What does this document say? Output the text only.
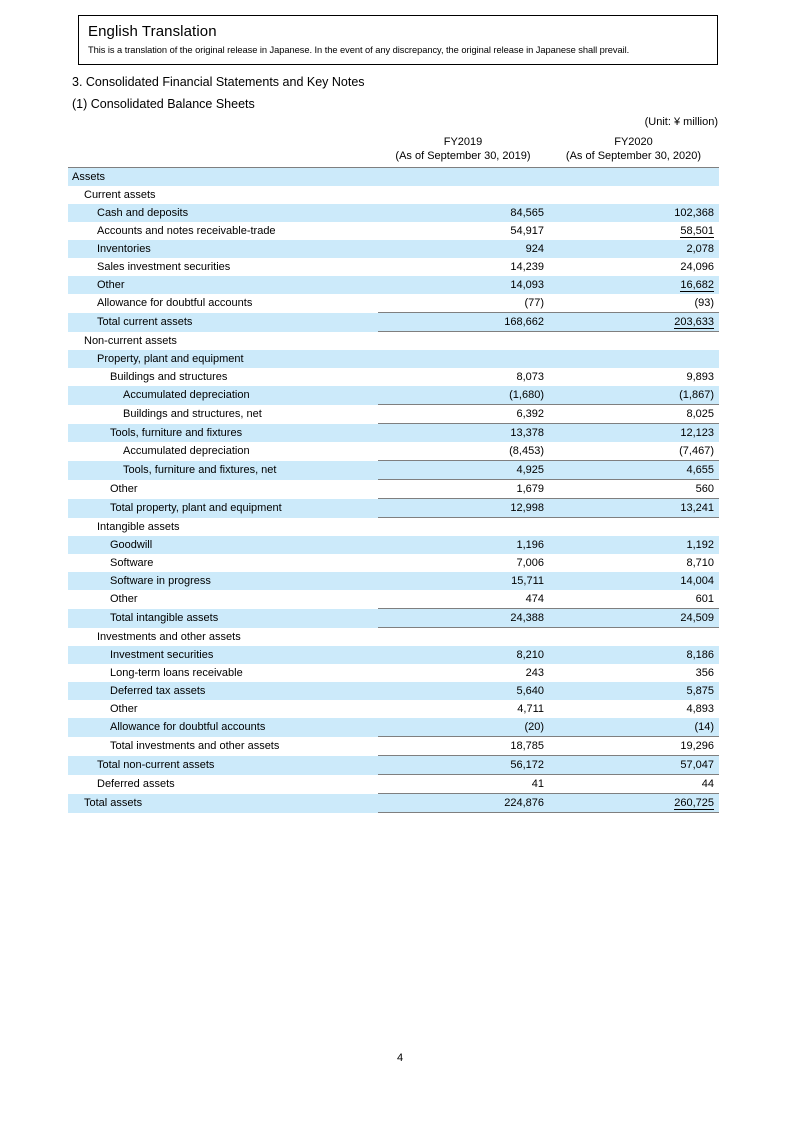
English Translation
This is a translation of the original release in Japanese. In the event of any discrepancy, the original release in Japanese shall prevail.
3. Consolidated Financial Statements and Key Notes
(1) Consolidated Balance Sheets
(Unit: ¥ million)

	FY2019
(As of September 30, 2019)	FY2020
(As of September 30, 2020)

Assets		
Current assets		
Cash and deposits	84,565	102,368
Accounts and notes receivable-trade	54,917	58,501
Inventories	924	2,078
Sales investment securities	14,239	24,096
Other	14,093	16,682
Allowance for doubtful accounts	(77)	(93)
Total current assets	168,662	203,633
Non-current assets		
Property, plant and equipment		
Buildings and structures	8,073	9,893
Accumulated depreciation	(1,680)	(1,867)
Buildings and structures, net	6,392	8,025
Tools, furniture and fixtures	13,378	12,123
Accumulated depreciation	(8,453)	(7,467)
Tools, furniture and fixtures, net	4,925	4,655
Other	1,679	560
Total property, plant and equipment	12,998	13,241
Intangible assets		
Goodwill	1,196	1,192
Software	7,006	8,710
Software in progress	15,711	14,004
Other	474	601
Total intangible assets	24,388	24,509
Investments and other assets		
Investment securities	8,210	8,186
Long-term loans receivable	243	356
Deferred tax assets	5,640	5,875
Other	4,711	4,893
Allowance for doubtful accounts	(20)	(14)
Total investments and other assets	18,785	19,296
Total non-current assets	56,172	57,047
Deferred assets	41	44
Total assets	224,876	260,725
4
